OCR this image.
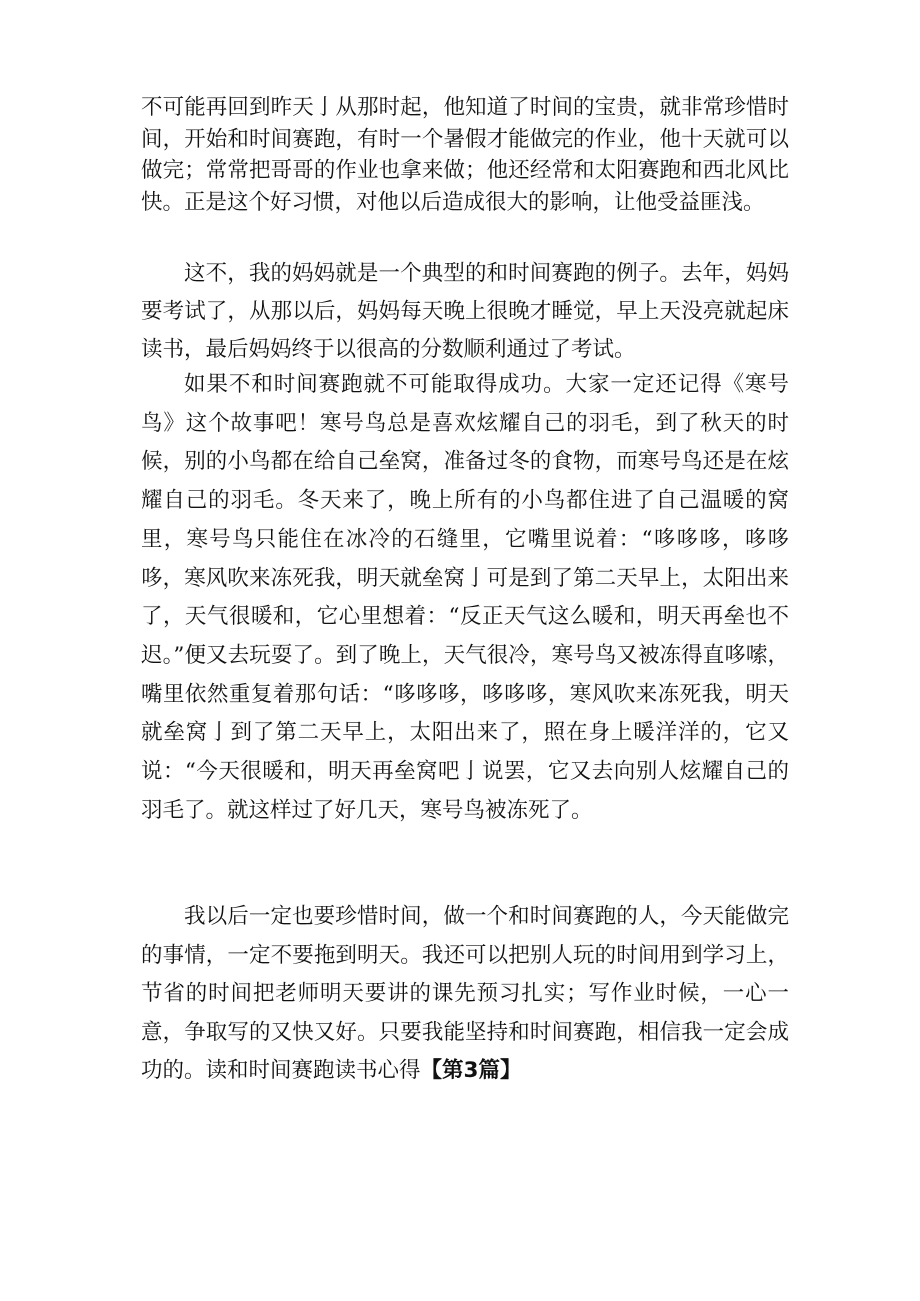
不可能再回到昨天亅从那时起，他知道了时间的宝贵，就非常珍惜时间，开始和时间赛跑，有时一个暑假才能做完的作业，他十天就可以做完；常常把哥哥的作业也拿来做；他还经常和太阳赛跑和西北风比快。正是这个好习惯，对他以后造成很大的影响，让他受益匪浅。

这不，我的妈妈就是一个典型的和时间赛跑的例子。去年，妈妈要考试了，从那以后，妈妈每天晚上很晚才睡觉，早上天没亮就起床读书，最后妈妈终于以很高的分数顺利通过了考试。

如果不和时间赛跑就不可能取得成功。大家一定还记得《寒号鸟》这个故事吧！寒号鸟总是喜欢炫耀自己的羽毛，到了秋天的时候，别的小鸟都在给自己垒窝，准备过冬的食物，而寒号鸟还是在炫耀自己的羽毛。冬天来了，晚上所有的小鸟都住进了自己温暖的窝里，寒号鸟只能住在冰冷的石缝里，它嘴里说着：“哆哆哆，哆哆哆，寒风吹来冻死我，明天就垒窝亅可是到了第二天早上，太阳出来了，天气很暖和，它心里想着：“反正天气这么暖和，明天再垒也不迟。”便又去玩耍了。到了晚上，天气很冷，寒号鸟又被冻得直哆嗦，嘴里依然重复着那句话：“哆哆哆，哆哆哆，寒风吹来冻死我，明天就垒窝亅到了第二天早上，太阳出来了，照在身上暖洋洋的，它又说：“今天很暖和，明天再垒窝吧亅说罢，它又去向别人炫耀自己的羽毛了。就这样过了好几天，寒号鸟被冻死了。

我以后一定也要珍惜时间，做一个和时间赛跑的人，今天能做完的事情，一定不要拖到明天。我还可以把别人玩的时间用到学习上，节省的时间把老师明天要讲的课先预习扎实；写作业时候，一心一意，争取写的又快又好。只要我能坚持和时间赛跑，相信我一定会成功的。读和时间赛跑读书心得【第3篇】
